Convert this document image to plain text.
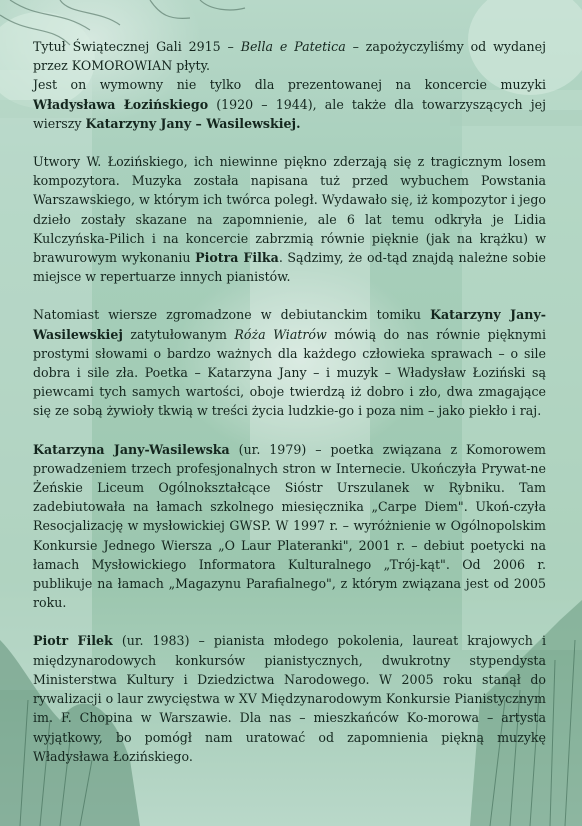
Tytuł Świątecznej Gali 2915 – Bella e Patetica – zapożyczyliśmy od wydanej przez KOMOROWIAN płyty.
Jest on wymowny nie tylko dla prezentowanej na koncercie muzyki Władysława Łozińskiego (1920 – 1944), ale także dla towarzyszących jej wierszy Katarzyny Jany – Wasilewskiej.

Utwory W. Łozińskiego, ich niewinne piękno zderzają się z tragicznym losem kompozytora. Muzyka została napisana tuż przed wybuchem Powstania Warszawskiego, w którym ich twórca poległ. Wydawało się, iż kompozytor i jego dzieło zostały skazane na zapomnienie, ale 6 lat temu odkryła je Lidia Kulczyńska-Pilich i na koncercie zabrzmią równie pięknie (jak na krążku) w brawurowym wykonaniu Piotra Filka. Sądzimy, że od-tąd znajdą należne sobie miejsce w repertuarze innych pianistów.

Natomiast wiersze zgromadzone w debiutanckim tomiku Katarzyny Jany-Wasilewskiej zatytułowanym Róża Wiatrów mówią do nas równie pięknymi prostymi słowami o bardzo ważnych dla każdego człowieka sprawach – o sile dobra i sile zła. Poetka – Katarzyna Jany – i muzyk – Władysław Łoziński są piewcami tych samych wartości, oboje twierdzą iż dobro i zło, dwa zmagające się ze sobą żywioły tkwią w treści życia ludzkie-go i poza nim – jako piekło i raj.

Katarzyna Jany-Wasilewska (ur. 1979) – poetka związana z Komorowem prowadzeniem trzech profesjonalnych stron w Internecie. Ukończyła Prywat-ne Żeńskie Liceum Ogólnokształcące Sióstr Urszulanek w Rybniku. Tam zadebiutowała na łamach szkolnego miesięcznika „Carpe Diem". Ukoń-czyła Resocjalizację w mysłowickiej GWSP. W 1997 r. – wyróżnienie w Ogólnopolskim Konkursie Jednego Wiersza „O Laur Plateranki", 2001 r. – debiut poetycki na łamach Mysłowickiego Informatora Kulturalnego „Trój-kąt". Od 2006 r. publikuje na łamach „Magazynu Parafialnego", z którym związana jest od 2005 roku.

Piotr Filek (ur. 1983) – pianista młodego pokolenia, laureat krajowych i międzynarodowych konkursów pianistycznych, dwukrotny stypendysta Ministerstwa Kultury i Dziedzictwa Narodowego. W 2005 roku stanął do rywalizacji o laur zwycięstwa w XV Międzynarodowym Konkursie Pianistycznym im. F. Chopina w Warszawie. Dla nas – mieszkańców Ko-morowa – artysta wyjątkowy, bo pomógł nam uratować od zapomnienia piękną muzykę Władysława Łozińskiego.
